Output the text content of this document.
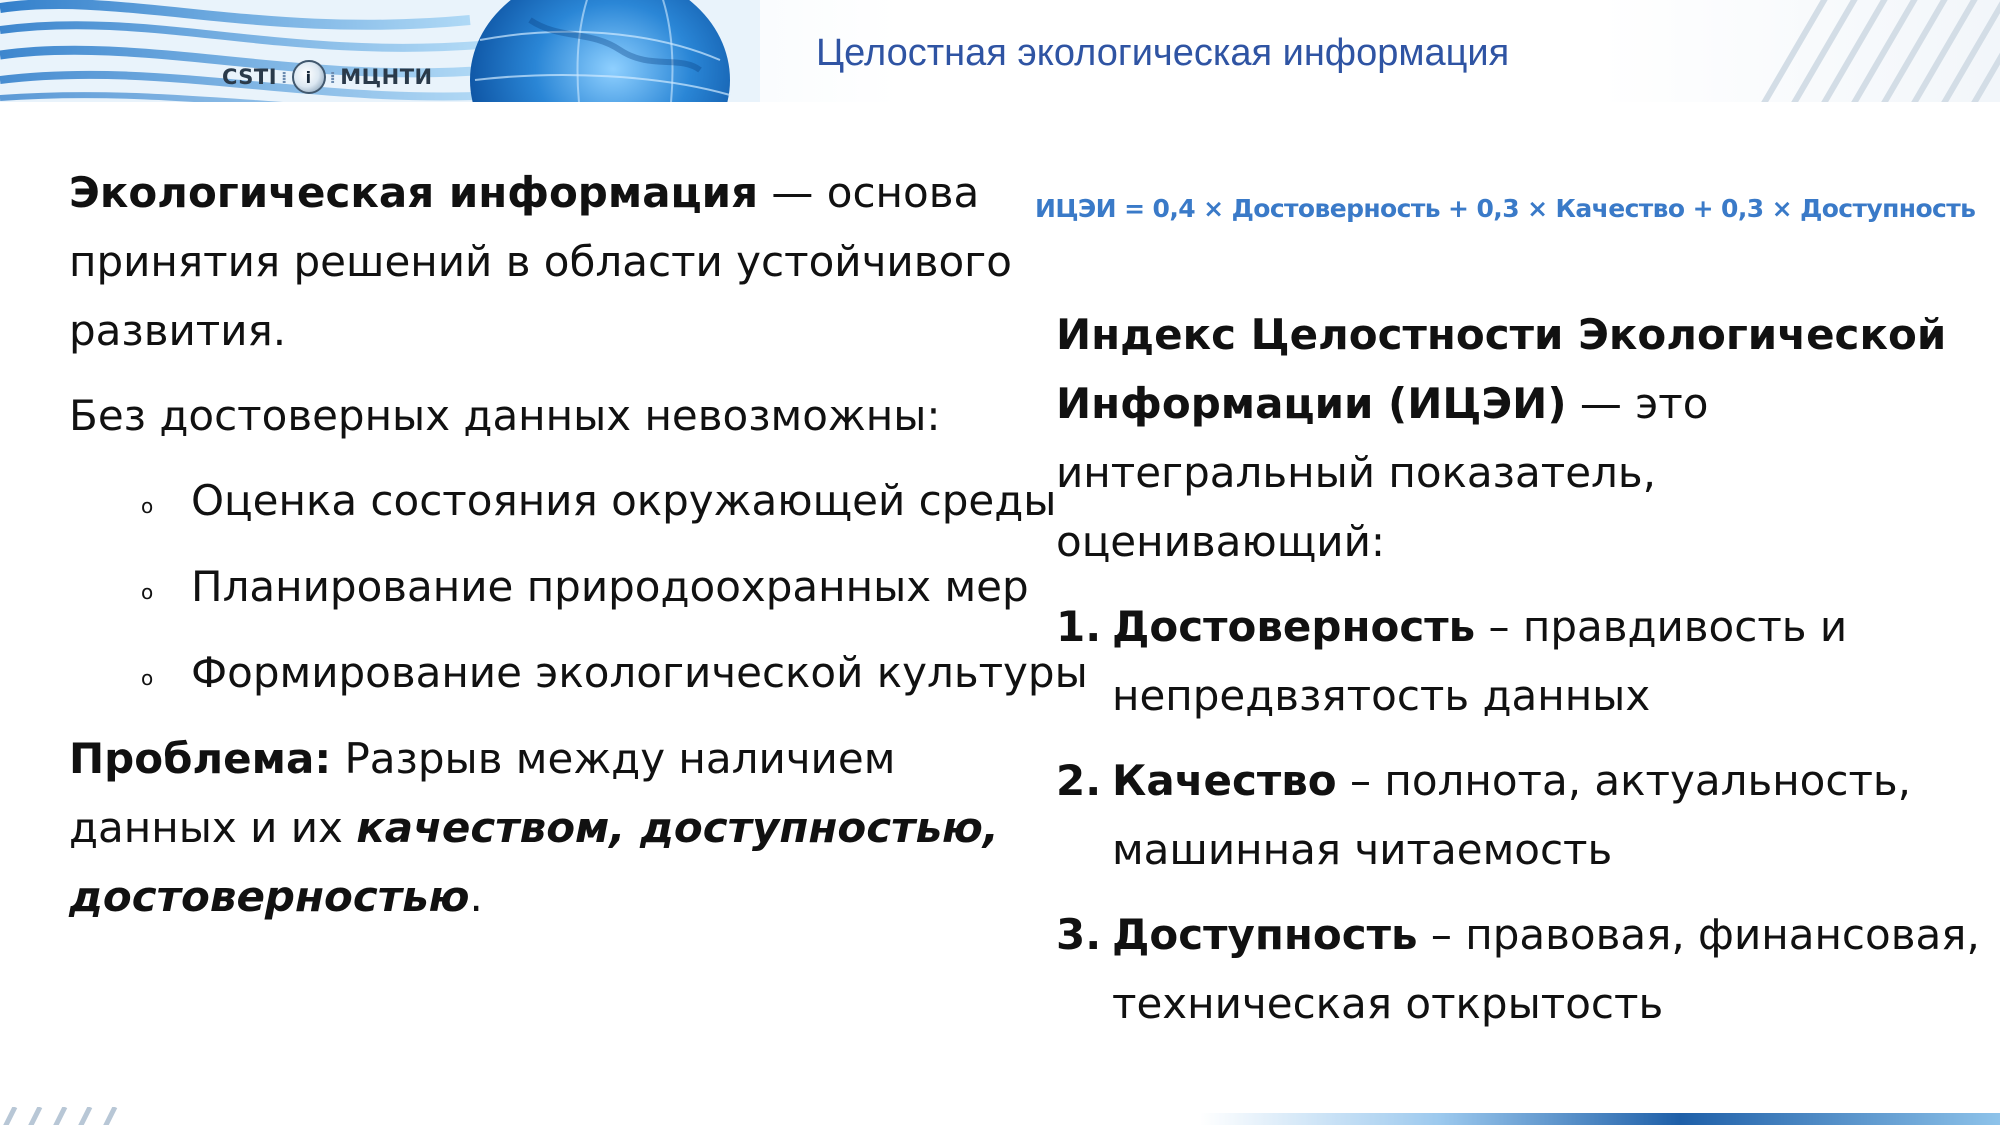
CSTI ⁞ i ⁞ МЦНТИ
Целостная экологическая информация

Экологическая информация — основа принятия решений в области устойчивого развития.

Без достоверных данных невозможны:

o Оценка состояния окружающей среды
o Планирование природоохранных мер
o Формирование экологической культуры

Проблема: Разрыв между наличием данных и их качеством, доступностью, достоверностью.

ИЦЭИ = 0,4 × Достоверность + 0,3 × Качество + 0,3 × Доступность

Индекс Целостности Экологической Информации (ИЦЭИ) — это интегральный показатель, оценивающий:

1. Достоверность – правдивость и непредвзятость данных
2. Качество – полнота, актуальность, машинная читаемость
3. Доступность – правовая, финансовая, техническая открытость
